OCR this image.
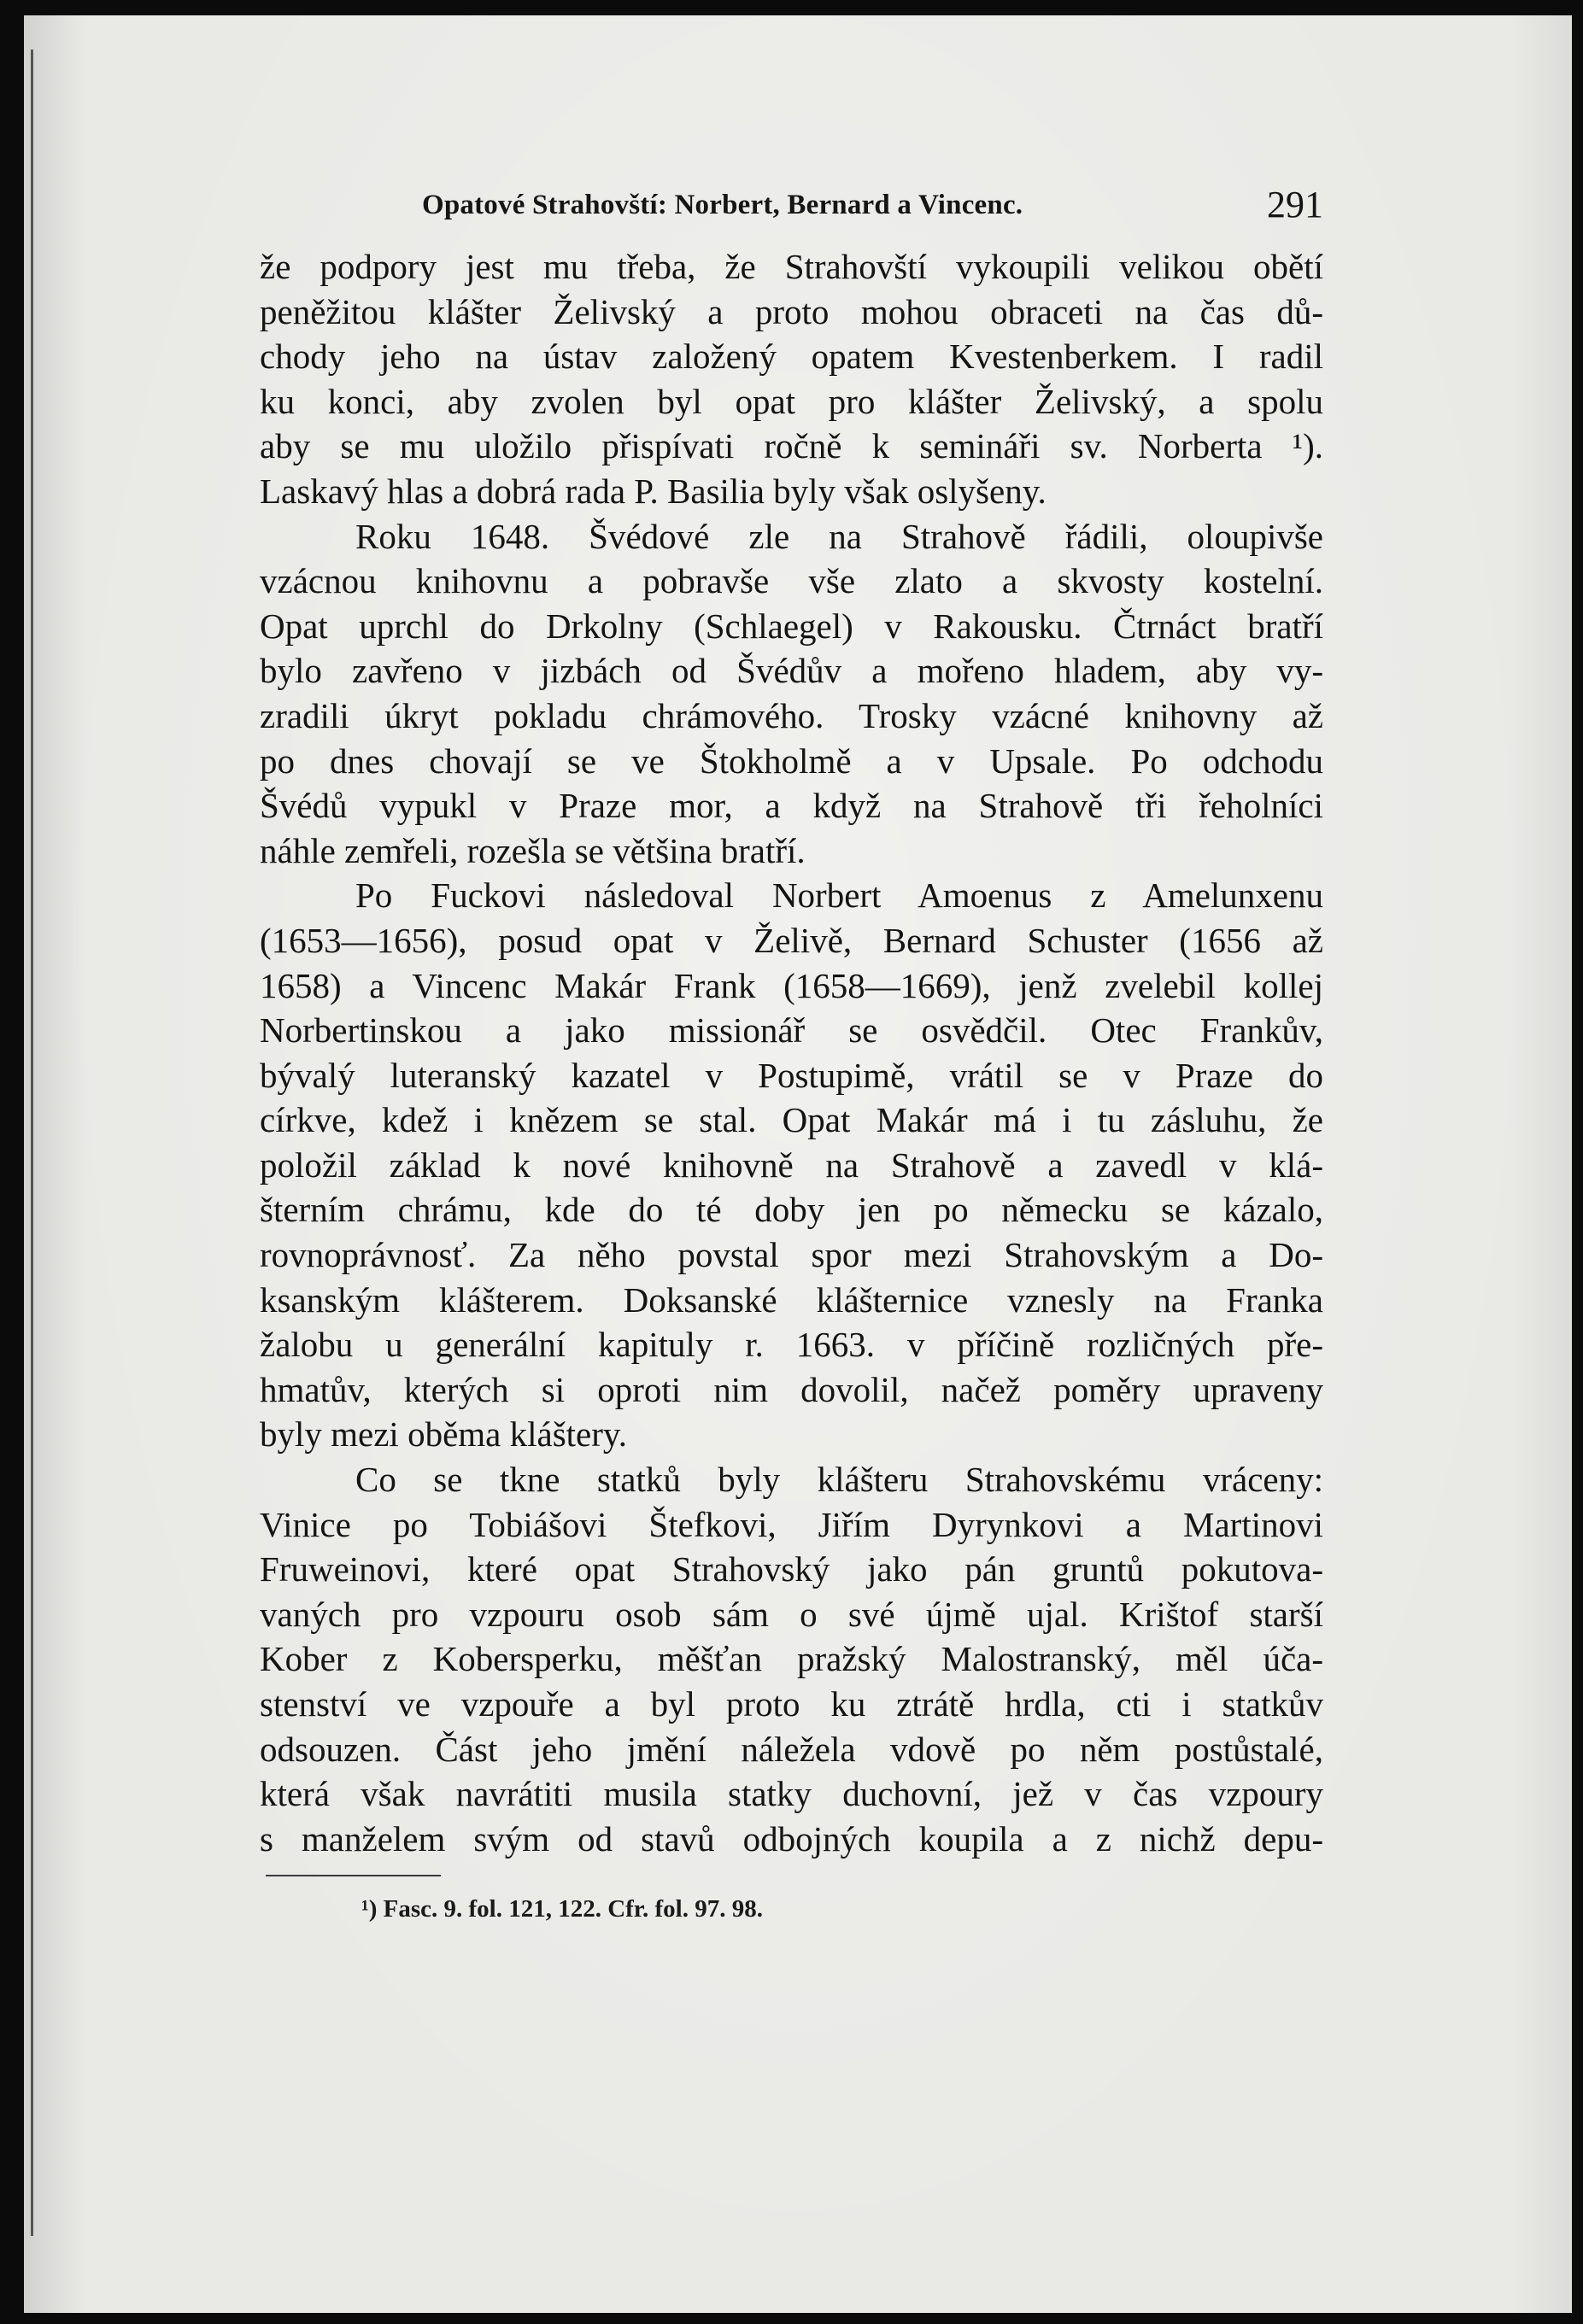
Opatové Strahovští: Norbert, Bernard a Vincenc.	291
že podpory jest mu třeba, že Strahovští vykoupili velikou obětí
peněžitou klášter Želivský a proto mohou obraceti na čas dů-
chody jeho na ústav založený opatem Kvestenberkem. I radil
ku konci, aby zvolen byl opat pro klášter Želivský, a spolu
aby se mu uložilo přispívati ročně k semináři sv. Norberta ¹).
Laskavý hlas a dobrá rada P. Basilia byly však oslyšeny.
Roku 1648. Švédové zle na Strahově řádili, oloupivše
vzácnou knihovnu a pobravše vše zlato a skvosty kostelní.
Opat uprchl do Drkolny (Schlaegel) v Rakousku. Čtrnáct bratří
bylo zavřeno v jizbách od Švédův a mořeno hladem, aby vy-
zradili úkryt pokladu chrámového. Trosky vzácné knihovny až
po dnes chovají se ve Štokholmě a v Upsale. Po odchodu
Švédů vypukl v Praze mor, a když na Strahově tři řeholníci
náhle zemřeli, rozešla se většina bratří.
Po Fuckovi následoval Norbert Amoenus z Amelunxenu
(1653—1656), posud opat v Želivě, Bernard Schuster (1656 až
1658) a Vincenc Makár Frank (1658—1669), jenž zvelebil kollej
Norbertinskou a jako missionář se osvědčil. Otec Frankův,
bývalý luteranský kazatel v Postupimě, vrátil se v Praze do
církve, kdež i knězem se stal. Opat Makár má i tu zásluhu, že
položil základ k nové knihovně na Strahově a zavedl v klá-
šterním chrámu, kde do té doby jen po německu se kázalo,
rovnoprávnosť. Za něho povstal spor mezi Strahovským a Do-
ksanským klášterem. Doksanské klášternice vznesly na Franka
žalobu u generální kapituly r. 1663. v příčině rozličných pře-
hmatův, kterých si oproti nim dovolil, načež poměry upraveny
byly mezi oběma kláštery.
Co se tkne statků byly klášteru Strahovskému vráceny:
Vinice po Tobiášovi Štefkovi, Jiřím Dyrynkovi a Martinovi
Fruweinovi, které opat Strahovský jako pán gruntů pokutova-
vaných pro vzpouru osob sám o své újmě ujal. Krištof starší
Kober z Kobersperku, měšťan pražský Malostranský, měl úča-
stenství ve vzpouře a byl proto ku ztrátě hrdla, cti i statkův
odsouzen. Část jeho jmění náležela vdově po něm postůstalé,
která však navrátiti musila statky duchovní, jež v čas vzpoury
s manželem svým od stavů odbojných koupila a z nichž depu-
¹) Fasc. 9. fol. 121, 122. Cfr. fol. 97. 98.
